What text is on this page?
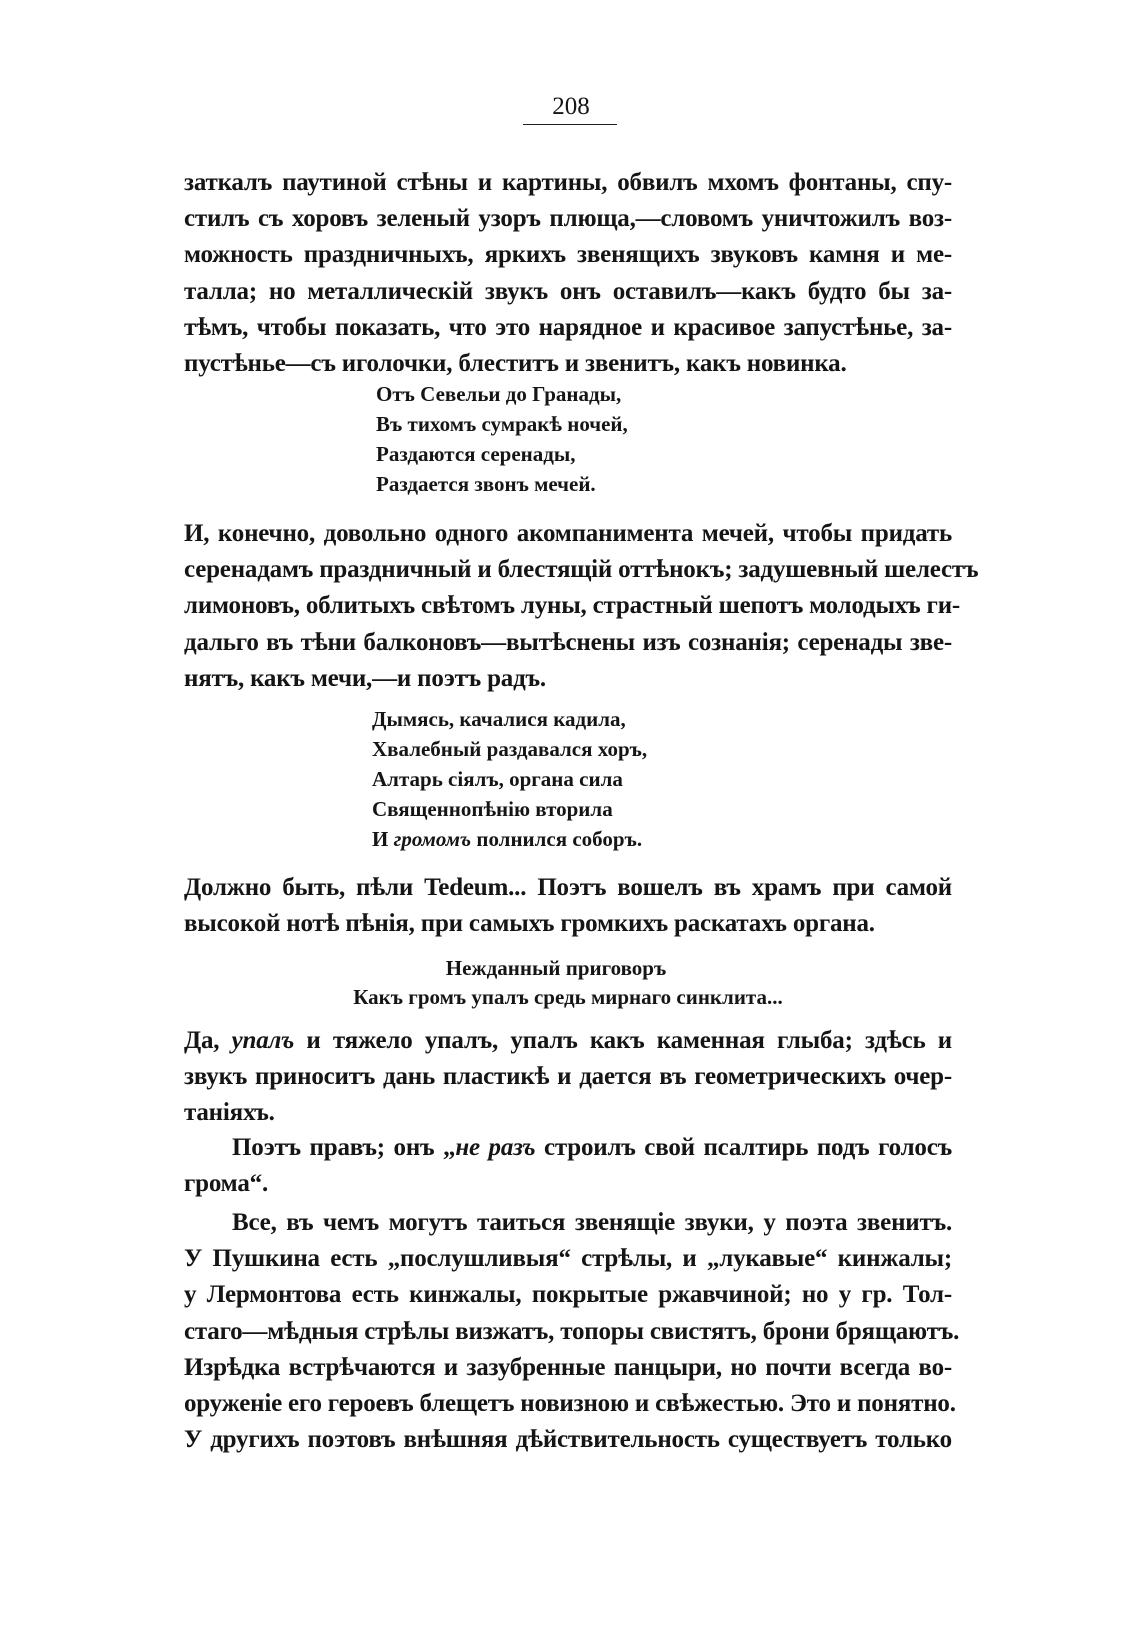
208
заткалъ паутиной стѣны и картины, обвилъ мхомъ фонтаны, спу-
стилъ съ хоровъ зеленый узоръ плюща,—словомъ уничтожилъ воз-
можность праздничныхъ, яркихъ звенящихъ звуковъ камня и ме-
талла; но металлическій звукъ онъ оставилъ—какъ будто бы за-
тѣмъ, чтобы показать, что это нарядное и красивое запустѣнье, за-
пустѣнье—съ иголочки, блеститъ и звенитъ, какъ новинка.
Отъ Севельи до Гранады,
Въ тихомъ сумракѣ ночей,
Раздаются серенады,
Раздается звонъ мечей.
И, конечно, довольно одного акомпанимента мечей, чтобы придать
серенадамъ праздничный и блестящій оттѣнокъ; задушевный шелестъ
лимоновъ, облитыхъ свѣтомъ луны, страстный шепотъ молодыхъ ги-
дальго въ тѣни балконовъ—вытѣснены изъ сознанія; серенады зве-
нятъ, какъ мечи,—и поэтъ радъ.
Дымясь, качалися кадила,
Хвалебный раздавался хоръ,
Алтарь сіялъ, органа сила
Священнопѣнію вторила
И громомъ полнился соборъ.
Должно быть, пѣли Tedeum... Поэтъ вошелъ въ храмъ при самой
высокой нотѣ пѣнія, при самыхъ громкихъ раскатахъ органа.
Нежданный приговоръ
Какъ громъ упалъ средь мирнаго синклита...
Да, упалъ и тяжело упалъ, упалъ какъ каменная глыба; здѣсь и
звукъ приноситъ дань пластикѣ и дается въ геометрическихъ очер-
таніяхъ.
Поэтъ правъ; онъ „не разъ строилъ свой псалтирь подъ голосъ
грома“.
Все, въ чемъ могутъ таиться звенящіе звуки, у поэта звенитъ.
У Пушкина есть „послушливыя“ стрѣлы, и „лукавые“ кинжалы;
у Лермонтова есть кинжалы, покрытые ржавчиной; но у гр. Тол-
стаго—мѣдныя стрѣлы визжатъ, топоры свистятъ, брони брящаютъ.
Изрѣдка встрѣчаются и зазубренные панцыри, но почти всегда во-
оруженіе его героевъ блещетъ новизною и свѣжестью. Это и понятно.
У другихъ поэтовъ внѣшняя дѣйствительность существуетъ только
